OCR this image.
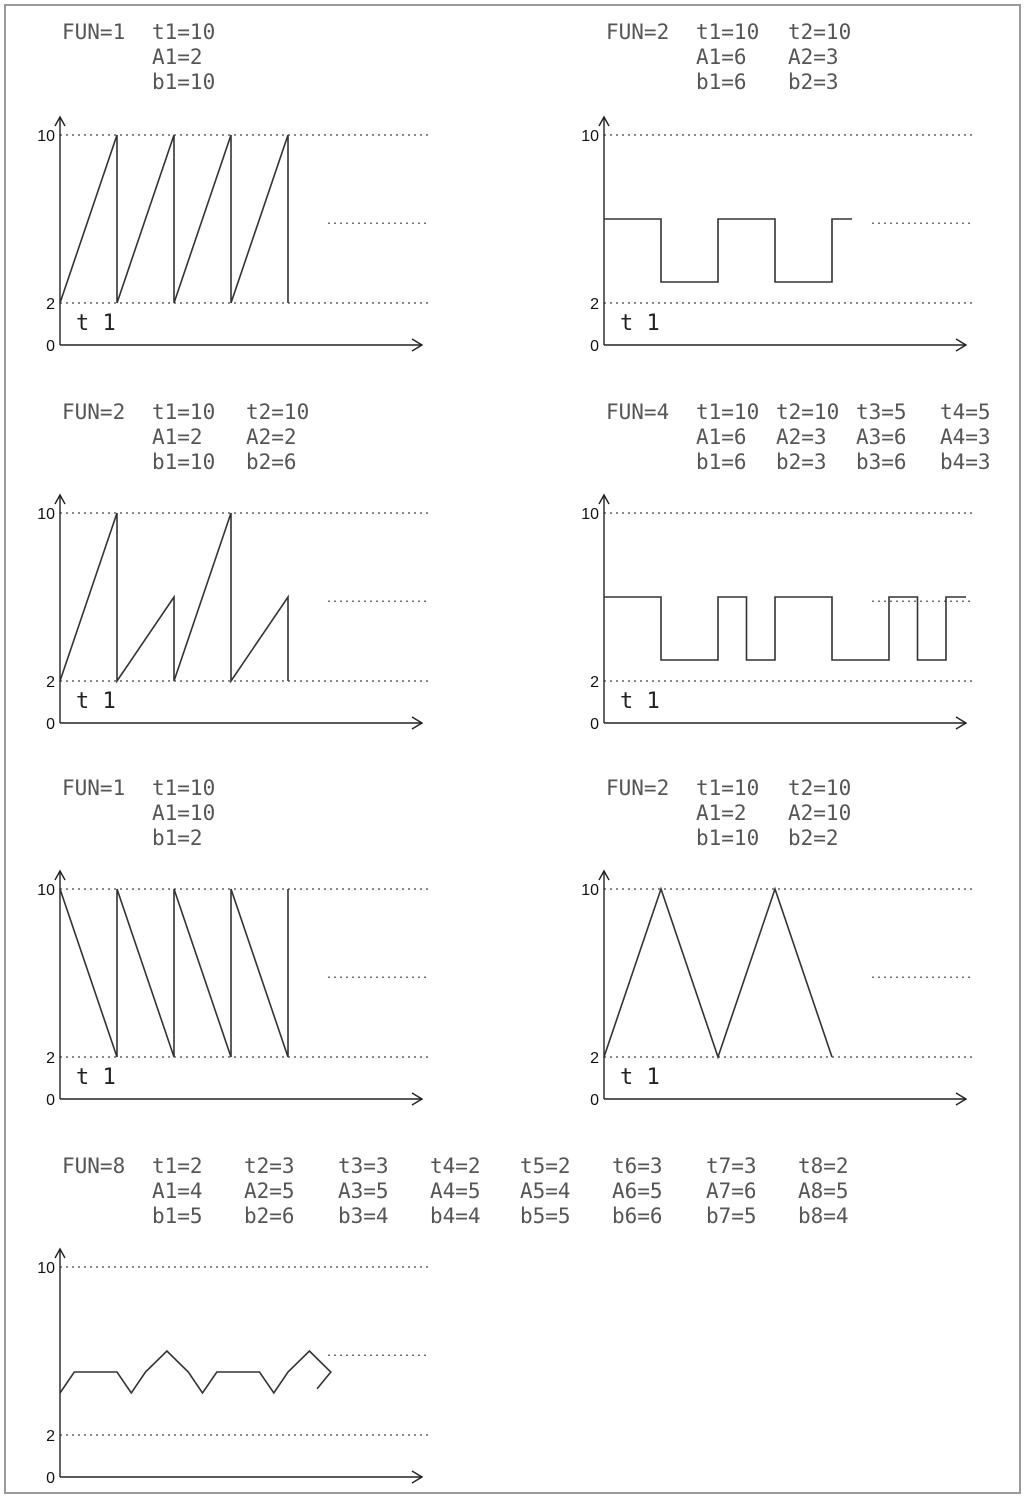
FUN=1 t1=10
A1=2
b1=10
10
2
0
t 1
FUN=2 t1=10 t2=10
A1=6 A2=3
b1=6 b2=3
10
2
0
t 1
FUN=2 t1=10 t2=10
A1=2 A2=2
b1=10 b2=6
10
2
0
t 1
FUN=4 t1=10 t2=10 t3=5 t4=5
A1=6 A2=3 A3=6 A4=3
b1=6 b2=3 b3=6 b4=3
10
2
0
t 1
FUN=1 t1=10
A1=10
b1=2
10
2
0
t 1
FUN=2 t1=10 t2=10
A1=2 A2=10
b1=10 b2=2
10
2
0
t 1
FUN=8 t1=2 t2=3 t3=3 t4=2 t5=2 t6=3 t7=3 t8=2
A1=4 A2=5 A3=5 A4=5 A5=4 A6=5 A7=6 A8=5
b1=5 b2=6 b3=4 b4=4 b5=5 b6=6 b7=5 b8=4
10
2
0
